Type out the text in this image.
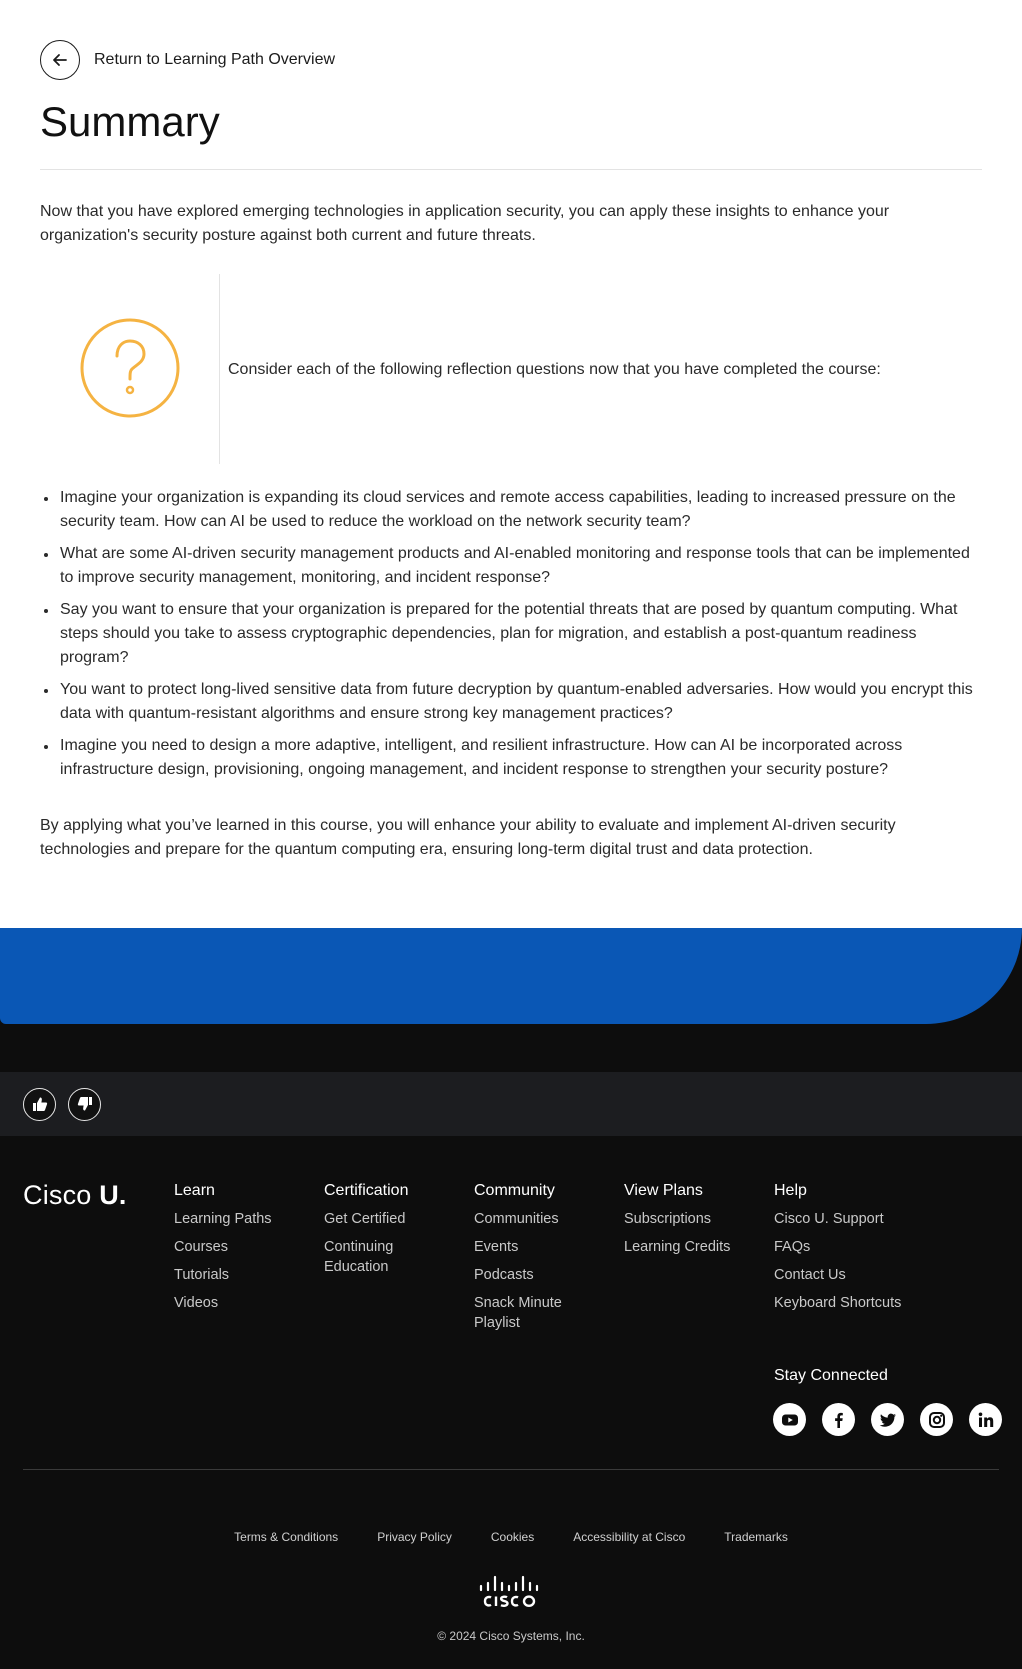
Return to Learning Path Overview
Summary

Now that you have explored emerging technologies in application security, you can apply these insights to enhance your organization's security posture against both current and future threats.

Consider each of the following reflection questions now that you have completed the course:

Imagine your organization is expanding its cloud services and remote access capabilities, leading to increased pressure on the security team. How can AI be used to reduce the workload on the network security team?
What are some AI-driven security management products and AI-enabled monitoring and response tools that can be implemented to improve security management, monitoring, and incident response?
Say you want to ensure that your organization is prepared for the potential threats that are posed by quantum computing. What steps should you take to assess cryptographic dependencies, plan for migration, and establish a post-quantum readiness program?
You want to protect long-lived sensitive data from future decryption by quantum-enabled adversaries. How would you encrypt this data with quantum-resistant algorithms and ensure strong key management practices?
Imagine you need to design a more adaptive, intelligent, and resilient infrastructure. How can AI be incorporated across infrastructure design, provisioning, ongoing management, and incident response to strengthen your security posture?

By applying what you’ve learned in this course, you will enhance your ability to evaluate and implement AI-driven security technologies and prepare for the quantum computing era, ensuring long-term digital trust and data protection.

Cisco U.	Learn
Learning Paths
Courses
Tutorials
Videos
Certification
Get Certified
Continuing Education
Community
Communities
Events
Podcasts
Snack Minute Playlist
View Plans
Subscriptions
Learning Credits
Help
Cisco U. Support
FAQs
Contact Us
Keyboard Shortcuts
Stay Connected
Terms & Conditions	Privacy Policy	Cookies	Accessibility at Cisco	Trademarks
© 2024 Cisco Systems, Inc.
